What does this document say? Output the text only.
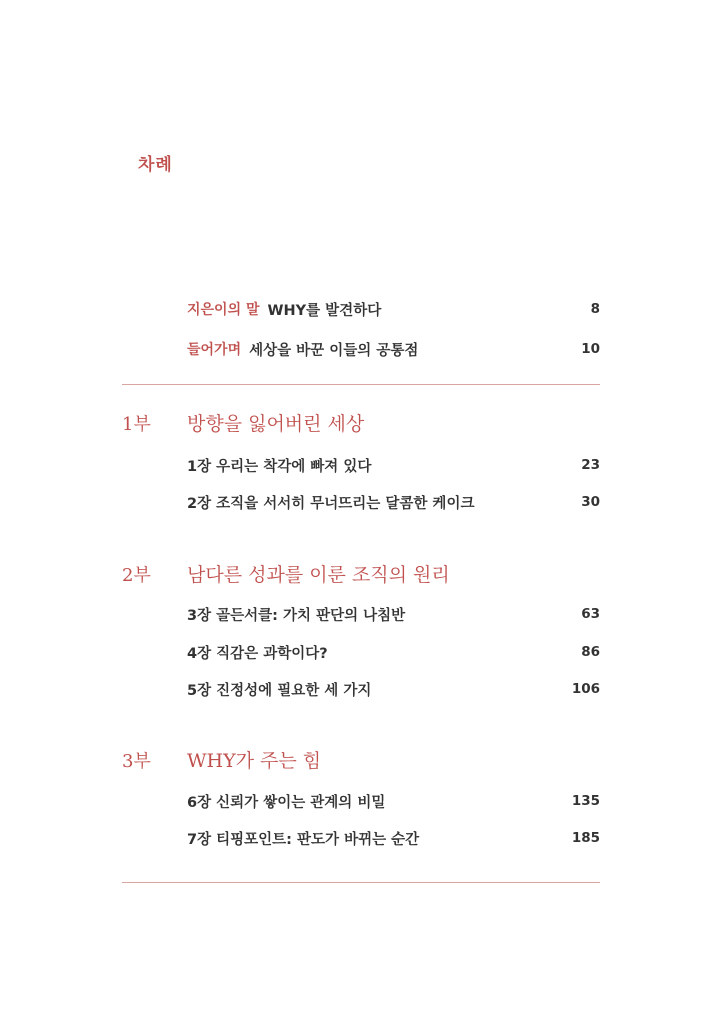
차례
지은이의 말 WHY를 발견하다	8
들어가며 세상을 바꾼 이들의 공통점	10
1부 방향을 잃어버린 세상
1장 우리는 착각에 빠져 있다	23
2장 조직을 서서히 무너뜨리는 달콤한 케이크	30
2부 남다른 성과를 이룬 조직의 원리
3장 골든서클: 가치 판단의 나침반	63
4장 직감은 과학이다?	86
5장 진정성에 필요한 세 가지	106
3부 WHY가 주는 힘
6장 신뢰가 쌓이는 관계의 비밀	135
7장 티핑포인트: 판도가 바뀌는 순간	185
